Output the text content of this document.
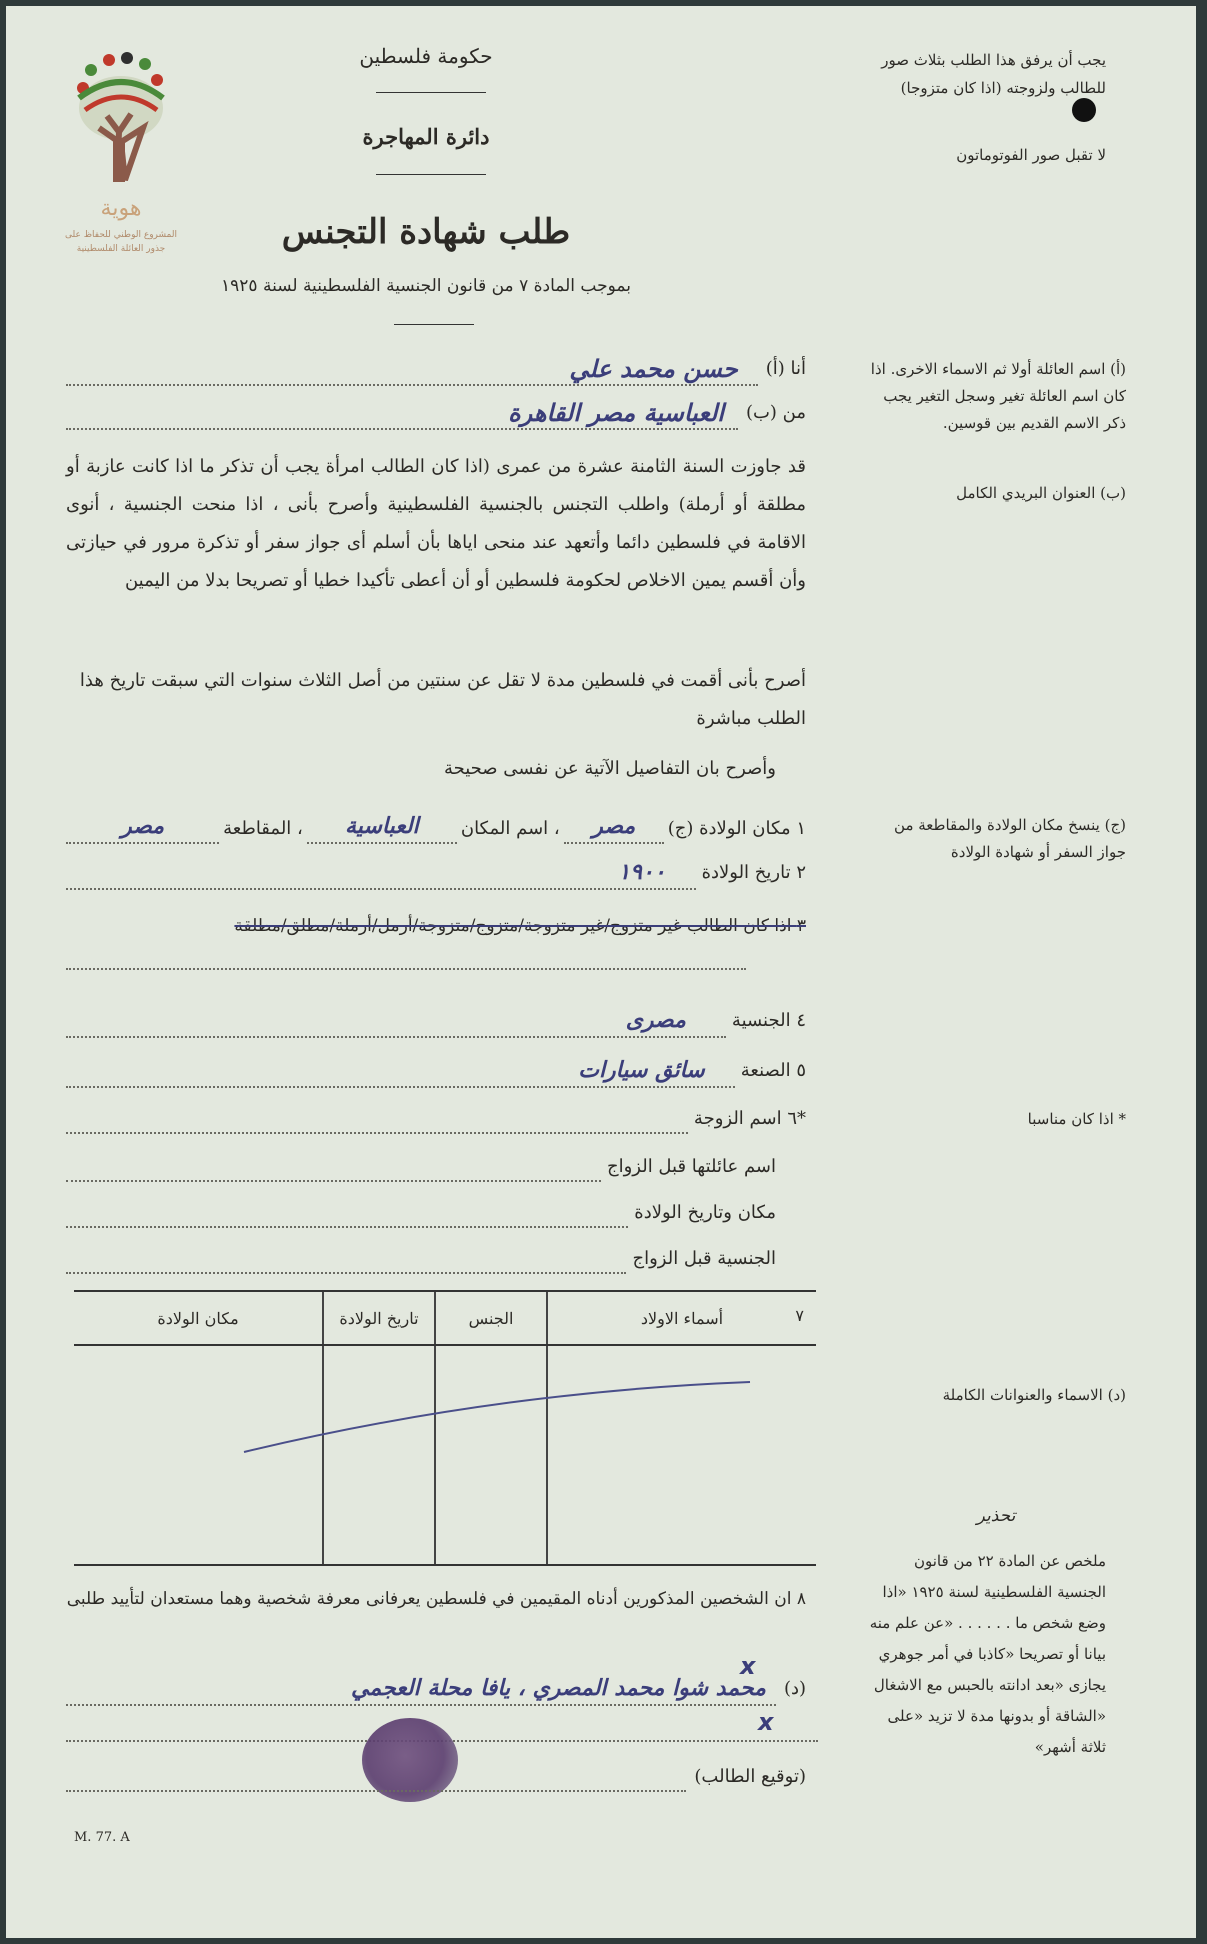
هوية
المشروع الوطني للحفاظ على
جذور العائلة الفلسطينية
حكومة فلسطين
دائرة المهاجرة
طلب شهادة التجنس
بموجب المادة ٧ من قانون الجنسية الفلسطينية لسنة ١٩٢٥
يجب أن يرفق هذا الطلب بثلاث صور للطالب ولزوجته (اذا كان متزوجا)
لا تقبل صور الفوتوماتون
(أ) اسم العائلة أولا ثم الاسماء الاخرى. اذا كان اسم العائلة تغير وسجل التغير يجب ذكر الاسم القديم بين قوسين.
(ب) العنوان البريدي الكامل
(ج) ينسخ مكان الولادة والمقاطعة من جواز السفر أو شهادة الولادة
* اذا كان مناسبا
(د) الاسماء والعنوانات الكاملة
تحذير
ملخص عن المادة ٢٢ من قانون الجنسية الفلسطينية لسنة ١٩٢٥ «اذا وضع شخص ما . . . . . . «عن علم منه بيانا أو تصريحا «كاذبا في أمر جوهري يجازى «بعد ادانته بالحبس مع الاشغال «الشاقة أو بدونها مدة لا تزيد «على ثلاثة أشهر»
أنا (أ)
حسن محمد علي
من (ب)
العباسية مصر القاهرة
قد جاوزت السنة الثامنة عشرة من عمرى (اذا كان الطالب امرأة يجب أن تذكر ما اذا كانت عازبة أو مطلقة أو أرملة) واطلب التجنس بالجنسية الفلسطينية وأصرح بأنى ، اذا منحت الجنسية ، أنوى الاقامة في فلسطين دائما وأتعهد عند منحى اياها بأن أسلم أى جواز سفر أو تذكرة مرور في حيازتى وأن أقسم يمين الاخلاص لحكومة فلسطين أو أن أعطى تأكيدا خطيا أو تصريحا بدلا من اليمين
أصرح بأنى أقمت في فلسطين مدة لا تقل عن سنتين من أصل الثلاث سنوات التي سبقت تاريخ هذا الطلب مباشرة
وأصرح بان التفاصيل الآتية عن نفسى صحيحة
١ مكان الولادة (ج)
مصر
، اسم المكان
العباسية
، المقاطعة
مصر
٢ تاريخ الولادة
١٩٠٠
٣ اذا كان الطالب غير متزوج/غير متزوجة/متزوج/متزوجة/أرمل/أرملة/مطلق/مطلقة
٤ الجنسية
مصرى
٥ الصنعة
سائق سيارات
*٦ اسم الزوجة
اسم عائلتها قبل الزواج
مكان وتاريخ الولادة
الجنسية قبل الزواج
٧
أسماء الاولاد	الجنس	تاريخ الولادة	مكان الولادة

٨ ان الشخصين المذكورين أدناه المقيمين في فلسطين يعرفانى معرفة شخصية وهما مستعدان لتأييد طلبى
(د)
محمد شوا محمد المصري ، يافا محلة العجمي
x
x
(توقيع الطالب)
M. 77. A
